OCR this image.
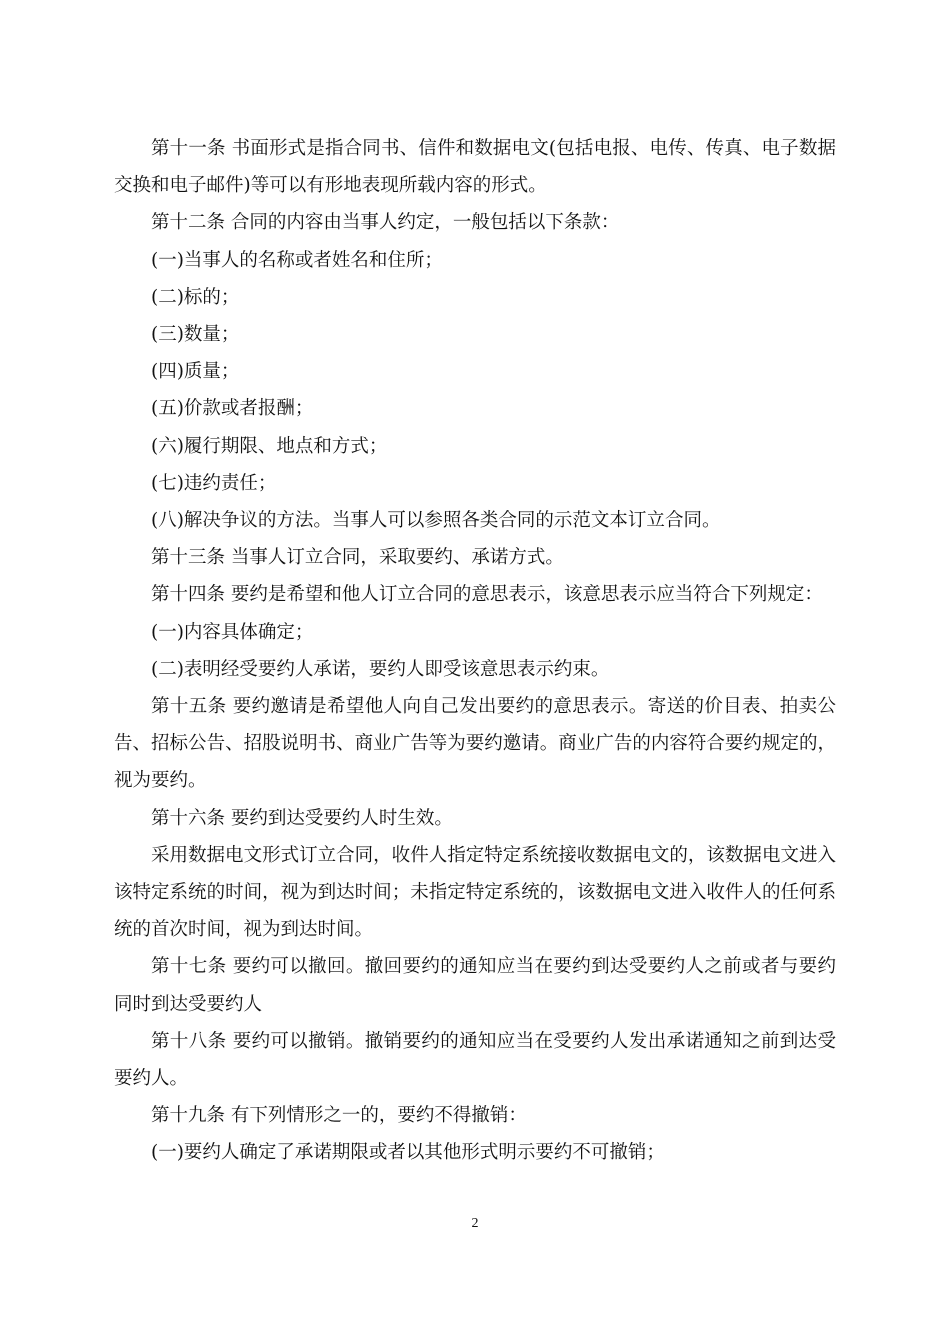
第十一条 书面形式是指合同书、信件和数据电文(包括电报、电传、传真、电子数据交换和电子邮件)等可以有形地表现所载内容的形式。

第十二条 合同的内容由当事人约定，一般包括以下条款：

(一)当事人的名称或者姓名和住所；

(二)标的；

(三)数量；

(四)质量；

(五)价款或者报酬；

(六)履行期限、地点和方式；

(七)违约责任；

(八)解决争议的方法。当事人可以参照各类合同的示范文本订立合同。

第十三条 当事人订立合同，采取要约、承诺方式。

第十四条 要约是希望和他人订立合同的意思表示，该意思表示应当符合下列规定：

(一)内容具体确定；

(二)表明经受要约人承诺，要约人即受该意思表示约束。

第十五条 要约邀请是希望他人向自己发出要约的意思表示。寄送的价目表、拍卖公告、招标公告、招股说明书、商业广告等为要约邀请。商业广告的内容符合要约规定的，视为要约。

第十六条 要约到达受要约人时生效。

采用数据电文形式订立合同，收件人指定特定系统接收数据电文的，该数据电文进入该特定系统的时间，视为到达时间；未指定特定系统的，该数据电文进入收件人的任何系统的首次时间，视为到达时间。

第十七条 要约可以撤回。撤回要约的通知应当在要约到达受要约人之前或者与要约同时到达受要约人

第十八条 要约可以撤销。撤销要约的通知应当在受要约人发出承诺通知之前到达受要约人。

第十九条 有下列情形之一的，要约不得撤销：

(一)要约人确定了承诺期限或者以其他形式明示要约不可撤销；

2
